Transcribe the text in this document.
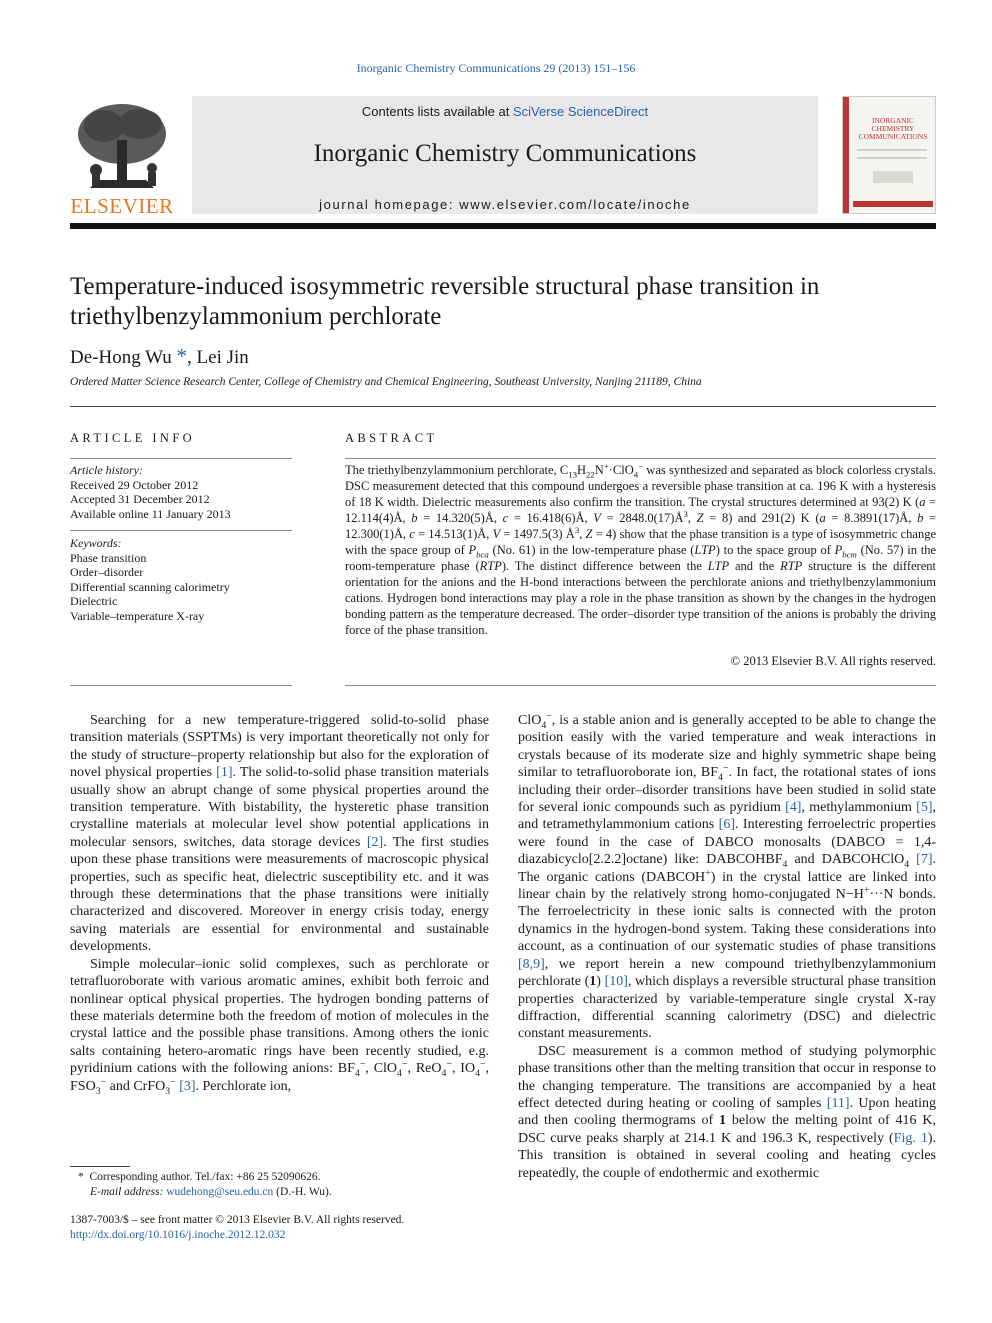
Inorganic Chemistry Communications 29 (2013) 151–156
ELSEVIER
Contents lists available at SciVerse ScienceDirect
Inorganic Chemistry Communications
journal homepage: www.elsevier.com/locate/inoche
INORGANIC
CHEMISTRY
COMMUNICATIONS
Temperature-induced isosymmetric reversible structural phase transition in triethylbenzylammonium perchlorate
De-Hong Wu *, Lei Jin
Ordered Matter Science Research Center, College of Chemistry and Chemical Engineering, Southeast University, Nanjing 211189, China
ARTICLE INFO
Article history:
Received 29 October 2012
Accepted 31 December 2012
Available online 11 January 2013
Keywords:
Phase transition
Order–disorder
Differential scanning calorimetry
Dielectric
Variable–temperature X-ray
ABSTRACT
The triethylbenzylammonium perchlorate, $C_{13}H_{22}N^+\cdot ClO_4^-$ was synthesized and separated as block colorless crystals. DSC measurement detected that this compound undergoes a reversible phase transition at ca. 196 K with a hysteresis of 18 K width. Dielectric measurements also confirm the transition. The crystal structures determined at 93(2) K (a = 12.114(4)Å, b = 14.320(5)Å, c = 16.418(6)Å, $V = 2848.0(17)Å^3$, Z = 8) and 291(2) K (a = 8.3891(17)Å, b = 12.300(1)Å, c = 14.513(1)Å, V = 1497.5(3) $Å^3$, Z = 4) show that the phase transition is a type of isosymmetric change with the space group of $P_{bca}$ (No. 61) in the low-temperature phase (LTP) to the space group of $P_{bcm}$ (No. 57) in the room-temperature phase (RTP). The distinct difference between the LTP and the RTP structure is the different orientation for the anions and the H-bond interactions between the perchlorate anions and triethylbenzylammonium cations. Hydrogen bond interactions may play a role in the phase transition as shown by the changes in the hydrogen bonding pattern as the temperature decreased. The order–disorder type transition of the anions is probably the driving force of the phase transition.
© 2013 Elsevier B.V. All rights reserved.

Searching for a new temperature-triggered solid-to-solid phase transition materials (SSPTMs) is very important theoretically not only for the study of structure–property relationship but also for the exploration of novel physical properties [1]. The solid-to-solid phase transition materials usually show an abrupt change of some physical properties around the transition temperature. With bistability, the hysteretic phase transition crystalline materials at molecular level show potential applications in molecular sensors, switches, data storage devices [2]. The first studies upon these phase transitions were measurements of macroscopic physical properties, such as specific heat, dielectric susceptibility etc. and it was through these determinations that the phase transitions were initially characterized and discovered. Moreover in energy crisis today, energy saving materials are essential for environmental and sustainable developments.

Simple molecular–ionic solid complexes, such as perchlorate or tetrafluoroborate with various aromatic amines, exhibit both ferroic and nonlinear optical physical properties. The hydrogen bonding patterns of these materials determine both the freedom of motion of molecules in the crystal lattice and the possible phase transitions. Among others the ionic salts containing hetero-aromatic rings have been recently studied, e.g. pyridinium cations with the following anions: $BF_4^-$, ClO$_4$−, ReO$_4$−, $IO_4^-$, $FSO_3^-$ and CrFO$_3$− [3]. Perchlorate ion,

ClO$_4$−, is a stable anion and is generally accepted to be able to change the position easily with the varied temperature and weak interactions in crystals because of its moderate size and highly symmetric shape being similar to tetrafluoroborate ion, $BF_4^-$. In fact, the rotational states of ions including their order–disorder transitions have been studied in solid state for several ionic compounds such as pyridium [4], methylammonium [5], and tetramethylammonium cations [6]. Interesting ferroelectric properties were found in the case of DABCO monosalts (DABCO = 1,4-diazabicyclo[2.2.2]octane) like: $DABCOHBF_4$ and DABCOHClO$_4$ [7]. The organic cations (DABCOH+) in the crystal lattice are linked into linear chain by the relatively strong homo-conjugated N−H+···N bonds. The ferroelectricity in these ionic salts is connected with the proton dynamics in the hydrogen-bond system. Taking these considerations into account, as a continuation of our systematic studies of phase transitions [8,9], we report herein a new compound triethylbenzylammonium perchlorate (1) [10], which displays a reversible structural phase transition properties characterized by variable-temperature single crystal X-ray diffraction, differential scanning calorimetry (DSC) and dielectric constant measurements.

DSC measurement is a common method of studying polymorphic phase transitions other than the melting transition that occur in response to the changing temperature. The transitions are accompanied by a heat effect detected during heating or cooling of samples [11]. Upon heating and then cooling thermograms of 1 below the melting point of 416 K, DSC curve peaks sharply at 214.1 K and 196.3 K, respectively (Fig. 1). This transition is obtained in several cooling and heating cycles repeatedly, the couple of endothermic and exothermic

*  Corresponding author. Tel./fax: +86 25 52090626.
E-mail address: wudehong@seu.edu.cn (D.-H. Wu).
1387-7003/$ – see front matter © 2013 Elsevier B.V. All rights reserved.
http://dx.doi.org/10.1016/j.inoche.2012.12.032
